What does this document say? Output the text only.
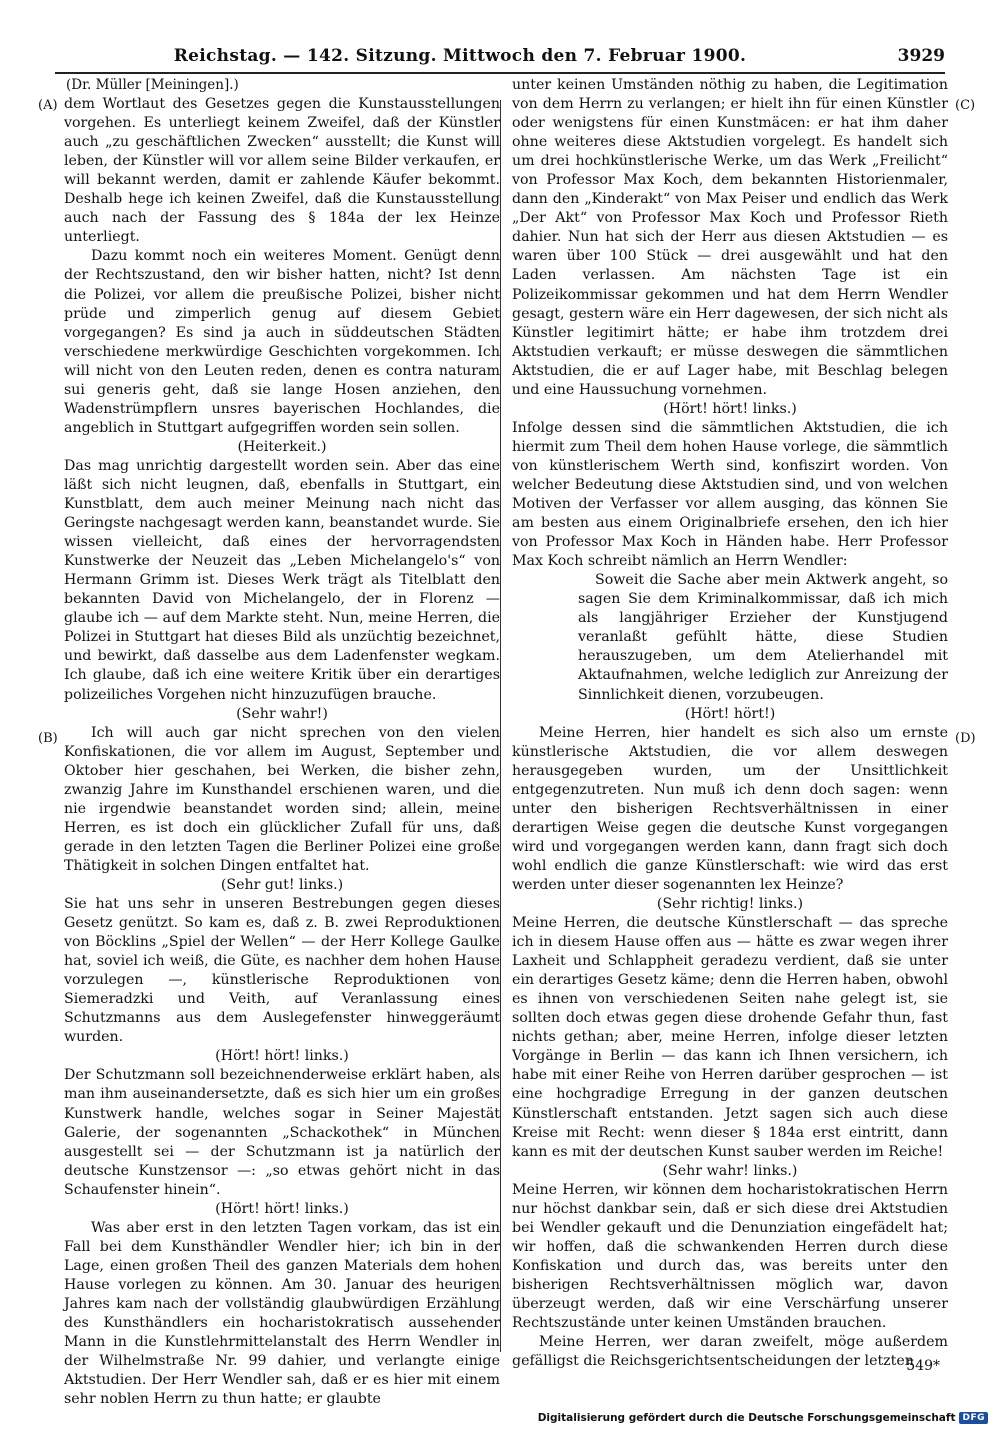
Reichstag. — 142. Sitzung. Mittwoch den 7. Februar 1900.	3929
(A)
(B)
(C)
(D)

(Dr. Müller [Meiningen].)

dem Wortlaut des Gesetzes gegen die Kunstausstellungen vorgehen. Es unterliegt keinem Zweifel, daß der Künstler auch „zu geschäftlichen Zwecken“ ausstellt; die Kunst will leben, der Künstler will vor allem seine Bilder verkaufen, er will bekannt werden, damit er zahlende Käufer bekommt. Deshalb hege ich keinen Zweifel, daß die Kunstausstellung auch nach der Fassung des § 184a der lex Heinze unterliegt.

Dazu kommt noch ein weiteres Moment. Genügt denn der Rechtszustand, den wir bisher hatten, nicht? Ist denn die Polizei, vor allem die preußische Polizei, bisher nicht prüde und zimperlich genug auf diesem Gebiet vorgegangen? Es sind ja auch in süddeutschen Städten verschiedene merkwürdige Geschichten vorgekommen. Ich will nicht von den Leuten reden, denen es contra naturam sui generis geht, daß sie lange Hosen anziehen, den Wadenstrümpflern unsres bayerischen Hochlandes, die angeblich in Stuttgart aufgegriffen worden sein sollen.

(Heiterkeit.)

Das mag unrichtig dargestellt worden sein. Aber das eine läßt sich nicht leugnen, daß, ebenfalls in Stuttgart, ein Kunstblatt, dem auch meiner Meinung nach nicht das Geringste nachgesagt werden kann, beanstandet wurde. Sie wissen vielleicht, daß eines der hervorragendsten Kunstwerke der Neuzeit das „Leben Michelangelo's“ von Hermann Grimm ist. Dieses Werk trägt als Titelblatt den bekannten David von Michelangelo, der in Florenz — glaube ich — auf dem Markte steht. Nun, meine Herren, die Polizei in Stuttgart hat dieses Bild als unzüchtig bezeichnet, und bewirkt, daß dasselbe aus dem Ladenfenster wegkam. Ich glaube, daß ich eine weitere Kritik über ein derartiges polizeiliches Vorgehen nicht hinzuzufügen brauche.

(Sehr wahr!)

Ich will auch gar nicht sprechen von den vielen Konfiskationen, die vor allem im August, September und Oktober hier geschahen, bei Werken, die bisher zehn, zwanzig Jahre im Kunsthandel erschienen waren, und die nie irgendwie beanstandet worden sind; allein, meine Herren, es ist doch ein glücklicher Zufall für uns, daß gerade in den letzten Tagen die Berliner Polizei eine große Thätigkeit in solchen Dingen entfaltet hat.

(Sehr gut! links.)

Sie hat uns sehr in unseren Bestrebungen gegen dieses Gesetz genützt. So kam es, daß z. B. zwei Reproduktionen von Böcklins „Spiel der Wellen“ — der Herr Kollege Gaulke hat, soviel ich weiß, die Güte, es nachher dem hohen Hause vorzulegen —, künstlerische Reproduktionen von Siemeradzki und Veith, auf Veranlassung eines Schutzmanns aus dem Auslegefenster hinweggeräumt wurden.

(Hört! hört! links.)

Der Schutzmann soll bezeichnenderweise erklärt haben, als man ihm auseinandersetzte, daß es sich hier um ein großes Kunstwerk handle, welches sogar in Seiner Majestät Galerie, der sogenannten „Schackothek“ in München ausgestellt sei — der Schutzmann ist ja natürlich der deutsche Kunstzensor —: „so etwas gehört nicht in das Schaufenster hinein“.

(Hört! hört! links.)

Was aber erst in den letzten Tagen vorkam, das ist ein Fall bei dem Kunsthändler Wendler hier; ich bin in der Lage, einen großen Theil des ganzen Materials dem hohen Hause vorlegen zu können. Am 30. Januar des heurigen Jahres kam nach der vollständig glaubwürdigen Erzählung des Kunsthändlers ein hocharistokratisch aussehender Mann in die Kunstlehrmittelanstalt des Herrn Wendler in der Wilhelmstraße Nr. 99 dahier, und verlangte einige Aktstudien. Der Herr Wendler sah, daß er es hier mit einem sehr noblen Herrn zu thun hatte; er glaubte

unter keinen Umständen nöthig zu haben, die Legitimation von dem Herrn zu verlangen; er hielt ihn für einen Künstler oder wenigstens für einen Kunstmäcen: er hat ihm daher ohne weiteres diese Aktstudien vorgelegt. Es handelt sich um drei hochkünstlerische Werke, um das Werk „Freilicht“ von Professor Max Koch, dem bekannten Historienmaler, dann den „Kinderakt“ von Max Peiser und endlich das Werk „Der Akt“ von Professor Max Koch und Professor Rieth dahier. Nun hat sich der Herr aus diesen Aktstudien — es waren über 100 Stück — drei ausgewählt und hat den Laden verlassen. Am nächsten Tage ist ein Polizeikommissar gekommen und hat dem Herrn Wendler gesagt, gestern wäre ein Herr dagewesen, der sich nicht als Künstler legitimirt hätte; er habe ihm trotzdem drei Aktstudien verkauft; er müsse deswegen die sämmtlichen Aktstudien, die er auf Lager habe, mit Beschlag belegen und eine Haussuchung vornehmen.

(Hört! hört! links.)

Infolge dessen sind die sämmtlichen Aktstudien, die ich hiermit zum Theil dem hohen Hause vorlege, die sämmtlich von künstlerischem Werth sind, konfiszirt worden. Von welcher Bedeutung diese Aktstudien sind, und von welchen Motiven der Verfasser vor allem ausging, das können Sie am besten aus einem Originalbriefe ersehen, den ich hier von Professor Max Koch in Händen habe. Herr Professor Max Koch schreibt nämlich an Herrn Wendler:

Soweit die Sache aber mein Aktwerk angeht, so sagen Sie dem Kriminalkommissar, daß ich mich als langjähriger Erzieher der Kunstjugend veranlaßt gefühlt hätte, diese Studien herauszugeben, um dem Atelierhandel mit Aktaufnahmen, welche lediglich zur Anreizung der Sinnlichkeit dienen, vorzubeugen.

(Hört! hört!)

Meine Herren, hier handelt es sich also um ernste künstlerische Aktstudien, die vor allem deswegen herausgegeben wurden, um der Unsittlichkeit entgegenzutreten. Nun muß ich denn doch sagen: wenn unter den bisherigen Rechtsverhältnissen in einer derartigen Weise gegen die deutsche Kunst vorgegangen wird und vorgegangen werden kann, dann fragt sich doch wohl endlich die ganze Künstlerschaft: wie wird das erst werden unter dieser sogenannten lex Heinze?

(Sehr richtig! links.)

Meine Herren, die deutsche Künstlerschaft — das spreche ich in diesem Hause offen aus — hätte es zwar wegen ihrer Laxheit und Schlappheit geradezu verdient, daß sie unter ein derartiges Gesetz käme; denn die Herren haben, obwohl es ihnen von verschiedenen Seiten nahe gelegt ist, sie sollten doch etwas gegen diese drohende Gefahr thun, fast nichts gethan; aber, meine Herren, infolge dieser letzten Vorgänge in Berlin — das kann ich Ihnen versichern, ich habe mit einer Reihe von Herren darüber gesprochen — ist eine hochgradige Erregung in der ganzen deutschen Künstlerschaft entstanden. Jetzt sagen sich auch diese Kreise mit Recht: wenn dieser § 184a erst eintritt, dann kann es mit der deutschen Kunst sauber werden im Reiche!

(Sehr wahr! links.)

Meine Herren, wir können dem hocharistokratischen Herrn nur höchst dankbar sein, daß er sich diese drei Aktstudien bei Wendler gekauft und die Denunziation eingefädelt hat; wir hoffen, daß die schwankenden Herren durch diese Konfiskation und durch das, was bereits unter den bisherigen Rechtsverhältnissen möglich war, davon überzeugt werden, daß wir eine Verschärfung unserer Rechtszustände unter keinen Umständen brauchen.

Meine Herren, wer daran zweifelt, möge außerdem gefälligst die Reichsgerichtsentscheidungen der letzten

549*
Digitalisierung gefördert durch die Deutsche Forschungsgemeinschaft DFG
